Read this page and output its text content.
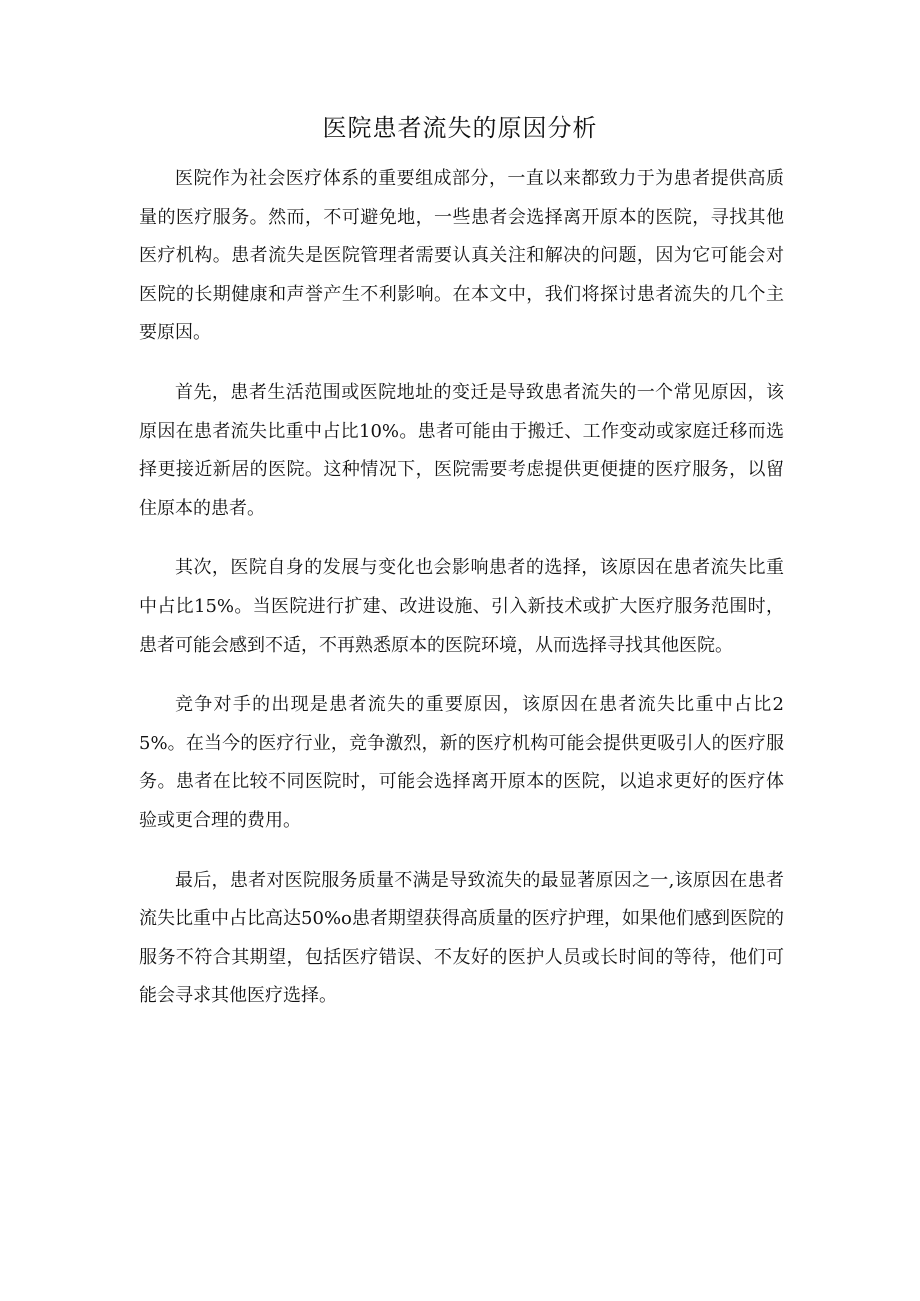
医院患者流失的原因分析

医院作为社会医疗体系的重要组成部分，一直以来都致力于为患者提供高质量的医疗服务。然而，不可避免地，一些患者会选择离开原本的医院，寻找其他医疗机构。患者流失是医院管理者需要认真关注和解决的问题，因为它可能会对医院的长期健康和声誉产生不利影响。在本文中，我们将探讨患者流失的几个主要原因。

首先，患者生活范围或医院地址的变迁是导致患者流失的一个常见原因，该原因在患者流失比重中占比10%。患者可能由于搬迁、工作变动或家庭迁移而选择更接近新居的医院。这种情况下，医院需要考虑提供更便捷的医疗服务，以留住原本的患者。

其次，医院自身的发展与变化也会影响患者的选择，该原因在患者流失比重中占比15%。当医院进行扩建、改进设施、引入新技术或扩大医疗服务范围时，患者可能会感到不适，不再熟悉原本的医院环境，从而选择寻找其他医院。

竞争对手的出现是患者流失的重要原因，该原因在患者流失比重中占比25%。在当今的医疗行业，竞争激烈，新的医疗机构可能会提供更吸引人的医疗服务。患者在比较不同医院时，可能会选择离开原本的医院，以追求更好的医疗体验或更合理的费用。

最后，患者对医院服务质量不满是导致流失的最显著原因之一,该原因在患者流失比重中占比高达50%o患者期望获得高质量的医疗护理，如果他们感到医院的服务不符合其期望，包括医疗错误、不友好的医护人员或长时间的等待，他们可能会寻求其他医疗选择。
